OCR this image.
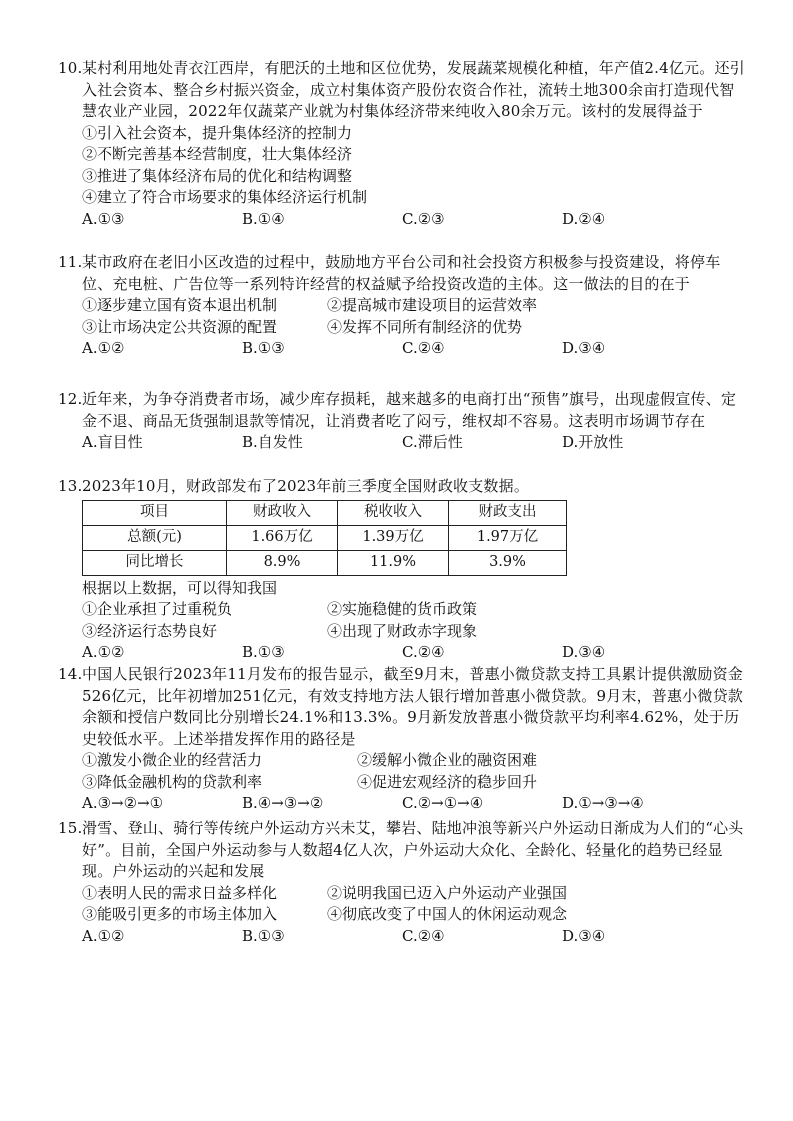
10.某村利用地处青衣江西岸，有肥沃的土地和区位优势，发展蔬菜规模化种植，年产值2.4亿元。还引入社会资本、整合乡村振兴资金，成立村集体资产股份农资合作社，流转土地300余亩打造现代智慧农业产业园，2022年仅蔬菜产业就为村集体经济带来纯收入80余万元。该村的发展得益于
①引入社会资本，提升集体经济的控制力
②不断完善基本经营制度，壮大集体经济
③推进了集体经济布局的优化和结构调整
④建立了符合市场要求的集体经济运行机制
A.①③	B.①④	C.②③	D.②④
11.某市政府在老旧小区改造的过程中，鼓励地方平台公司和社会投资方积极参与投资建设，将停车位、充电桩、广告位等一系列特许经营的权益赋予给投资改造的主体。这一做法的目的在于
①逐步建立国有资本退出机制	②提高城市建设项目的运营效率
③让市场决定公共资源的配置	④发挥不同所有制经济的优势
A.①②	B.①③	C.②④	D.③④
12.近年来，为争夺消费者市场，减少库存损耗，越来越多的电商打出“预售”旗号，出现虚假宣传、定金不退、商品无货强制退款等情况，让消费者吃了闷亏，维权却不容易。这表明市场调节存在
A.盲目性	B.自发性	C.滞后性	D.开放性
13.2023年10月，财政部发布了2023年前三季度全国财政收支数据。
项目	财政收入	税收收入	财政支出
总额(元)	1.66万亿	1.39万亿	1.97万亿
同比增长	8.9%	11.9%	3.9%
根据以上数据，可以得知我国
①企业承担了过重税负	②实施稳健的货币政策
③经济运行态势良好	④出现了财政赤字现象
A.①②	B.①③	C.②④	D.③④
14.中国人民银行2023年11月发布的报告显示，截至9月末，普惠小微贷款支持工具累计提供激励资金526亿元，比年初增加251亿元，有效支持地方法人银行增加普惠小微贷款。9月末，普惠小微贷款余额和授信户数同比分别增长24.1%和13.3%。9月新发放普惠小微贷款平均利率4.62%，处于历史较低水平。上述举措发挥作用的路径是
①激发小微企业的经营活力	②缓解小微企业的融资困难
③降低金融机构的贷款利率	④促进宏观经济的稳步回升
A.③→②→①	B.④→③→②	C.②→①→④	D.①→③→④
15.滑雪、登山、骑行等传统户外运动方兴未艾，攀岩、陆地冲浪等新兴户外运动日渐成为人们的“心头好”。目前，全国户外运动参与人数超4亿人次，户外运动大众化、全龄化、轻量化的趋势已经显现。户外运动的兴起和发展
①表明人民的需求日益多样化	②说明我国已迈入户外运动产业强国
③能吸引更多的市场主体加入	④彻底改变了中国人的休闲运动观念
A.①②	B.①③	C.②④	D.③④
